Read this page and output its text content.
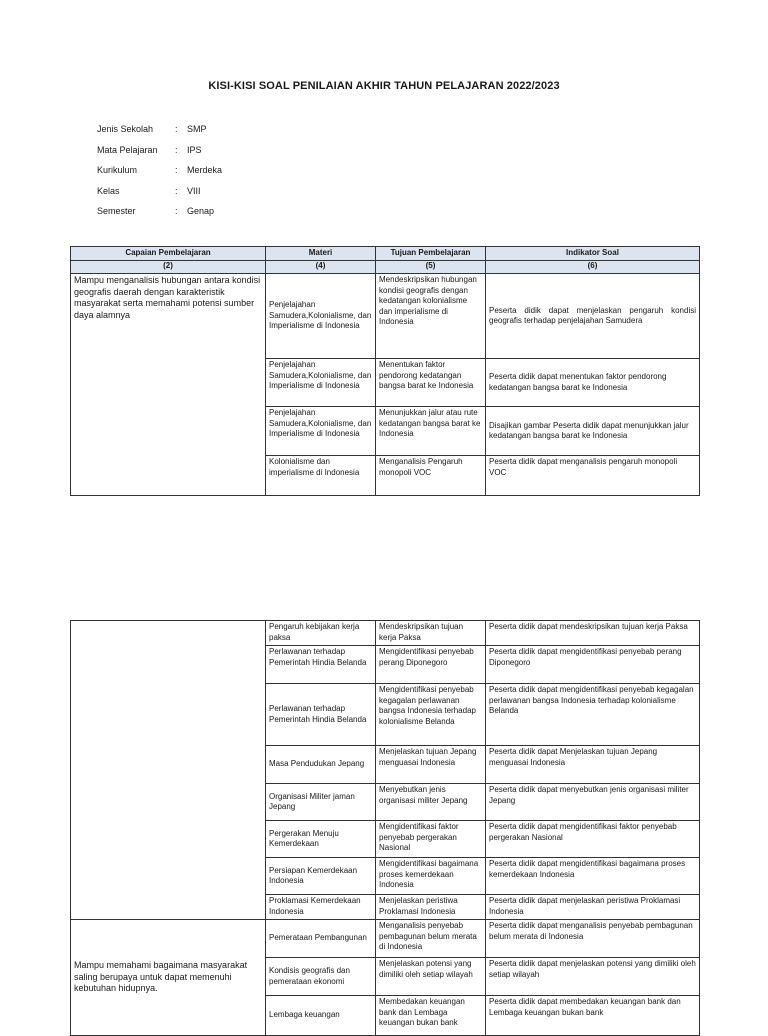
KISI-KISI SOAL PENILAIAN AKHIR TAHUN PELAJARAN 2022/2023
Jenis Sekolah	:	SMP
Mata Pelajaran	:	IPS
Kurikulum	:	Merdeka
Kelas	:	VIII
Semester	:	Genap
Capaian Pembelajaran	Materi	Tujuan Pembelajaran	Indikator Soal
(2)	(4)	(5)	(6)
Mampu menganalisis hubungan antara kondisi geografis daerah dengan karakteristik masyarakat serta memahami potensi sumber daya alamnya	Penjelajahan Samudera,Kolonialisme, dan Imperialisme di Indonesia	Mendeskripsikan hubungan kondisi geografis dengan kedatangan kolonialisme dan imperialisme di Indonesia	Peserta didik dapat menjelaskan pengaruh kondisi geografis terhadap penjelajahan Samudera
	Penjelajahan Samudera,Kolonialisme, dan Imperialisme di Indonesia	Menentukan faktor pendorong kedatangan bangsa barat ke Indonesia	Peserta didik dapat menentukan faktor pendorong kedatangan bangsa barat ke Indonesia
	Penjelajahan Samudera,Kolonialisme, dan Imperialisme di Indonesia	Menunjukkan jalur atau rute kedatangan bangsa barat ke Indonesia	Disajikan gambar Peserta didik dapat menunjukkan jalur kedatangan bangsa barat ke Indonesia
	Kolonialisme dan imperialisme di Indonesia	Menganalisis Pengaruh monopoli VOC	Peserta didik dapat menganalisis pengaruh monopoli VOC
	Pengaruh kebijakan kerja paksa	Mendeskripsikan tujuan kerja Paksa	Peserta didik dapat mendeskripsikan tujuan kerja Paksa
	Perlawanan terhadap Pemerintah Hindia Belanda	Mengidentifikasi penyebab perang Diponegoro	Peserta didik dapat mengidentifikasi penyebab perang Diponegoro
	Perlawanan terhadap Pemerintah Hindia Belanda	Mengidentifikasi penyebab kegagalan perlawanan bangsa Indonesia terhadap kolonialisme Belanda	Peserta didik dapat mengidentifikasi penyebab kegagalan perlawanan bangsa Indonesia terhadap kolonialisme Belanda
	Masa Pendudukan Jepang	Menjelaskan tujuan Jepang menguasai Indonesia	Peserta didik dapat Menjelaskan tujuan Jepang menguasai Indonesia
	Organisasi Militer jaman Jepang	Menyebutkan jenis organisasi militer Jepang	Peserta didik dapat menyebutkan jenis organisasi militer Jepang
	Pergerakan Menuju Kemerdekaan	Mengidentifikasi faktor penyebab pergerakan Nasional	Peserta didik dapat mengidentifikasi faktor penyebab pergerakan Nasional
	Persiapan Kemerdekaan Indonesia	Mengidentifikasi bagaimana proses kemerdekaan Indonesia	Peserta didik dapat mengidentifikasi bagaimana proses kemerdekaan Indonesia
	Proklamasi Kemerdekaan Indonesia	Menjelaskan peristiwa Proklamasi Indonesia	Peserta didik dapat menjelaskan peristiwa Proklamasi Indonesia
Mampu memahami bagaimana masyarakat saling berupaya untuk dapat memenuhi kebutuhan hidupnya.	Pemerataan Pembangunan	Menganalisis penyebab pembagunan belum merata di Indonesia	Peserta didik dapat menganalisis penyebab pembagunan belum merata di Indonesia
	Kondisis geografis dan pemerataan ekonomi	Menjelaskan potensi yang dimiliki oleh setiap wilayah	Peserta didik dapat menjelaskan potensi yang dimiliki oleh setiap wilayah
	Lembaga keuangan	Membedakan keuangan bank dan Lembaga keuangan bukan bank	Peserta didik dapat membedakan keuangan bank dan Lembaga keuangan bukan bank
